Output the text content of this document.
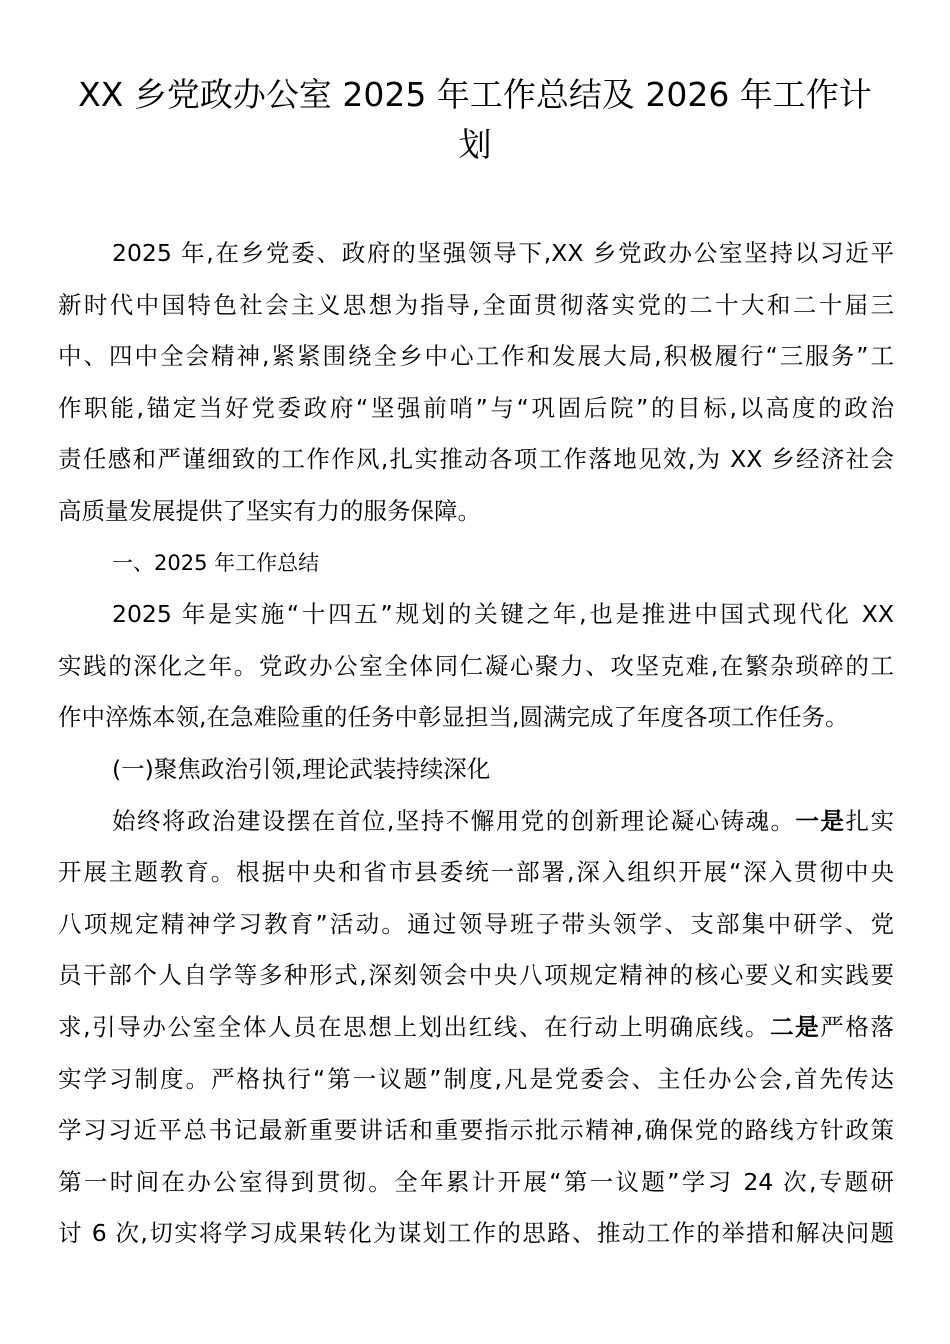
XX 乡党政办公室 2025 年工作总结及 2026 年工作计
划
2025 年,在乡党委、政府的坚强领导下,XX 乡党政办公室坚持以习近平
新时代中国特色社会主义思想为指导,全面贯彻落实党的二十大和二十届三
中、四中全会精神,紧紧围绕全乡中心工作和发展大局,积极履行“三服务”工
作职能,锚定当好党委政府“坚强前哨”与“巩固后院”的目标,以高度的政治
责任感和严谨细致的工作作风,扎实推动各项工作落地见效,为 XX 乡经济社会
高质量发展提供了坚实有力的服务保障。
一、2025 年工作总结
2025 年是实施“十四五”规划的关键之年,也是推进中国式现代化 XX
实践的深化之年。党政办公室全体同仁凝心聚力、攻坚克难,在繁杂琐碎的工
作中淬炼本领,在急难险重的任务中彰显担当,圆满完成了年度各项工作任务。
(一)聚焦政治引领,理论武装持续深化
始终将政治建设摆在首位,坚持不懈用党的创新理论凝心铸魂。一是扎实
开展主题教育。根据中央和省市县委统一部署,深入组织开展“深入贯彻中央
八项规定精神学习教育”活动。通过领导班子带头领学、支部集中研学、党
员干部个人自学等多种形式,深刻领会中央八项规定精神的核心要义和实践要
求,引导办公室全体人员在思想上划出红线、在行动上明确底线。二是严格落
实学习制度。严格执行“第一议题”制度,凡是党委会、主任办公会,首先传达
学习习近平总书记最新重要讲话和重要指示批示精神,确保党的路线方针政策
第一时间在办公室得到贯彻。全年累计开展“第一议题”学习 24 次,专题研
讨 6 次,切实将学习成果转化为谋划工作的思路、推动工作的举措和解决问题
